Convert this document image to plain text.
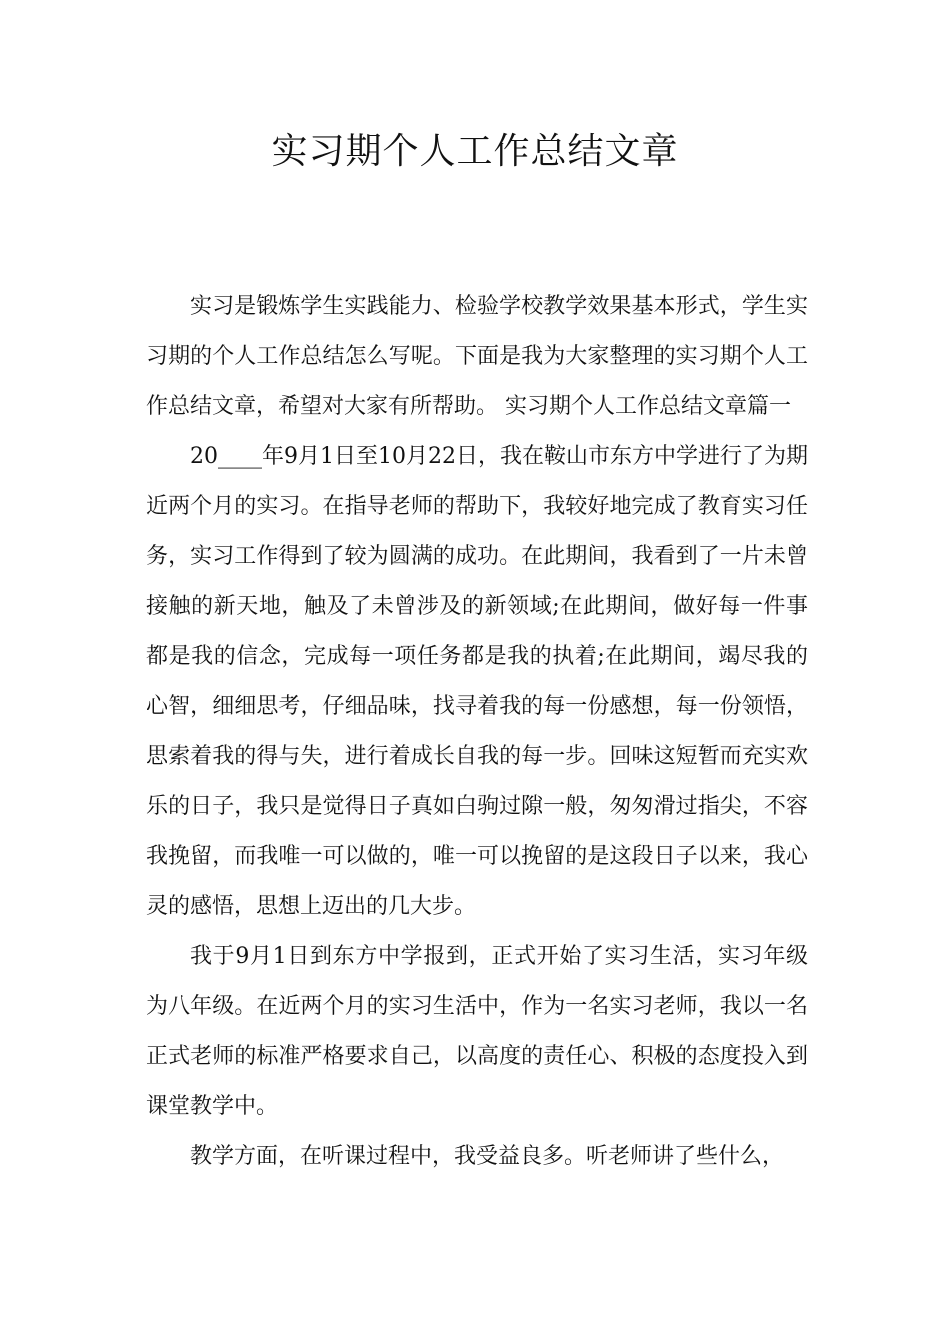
实习期个人工作总结文章

实习是锻炼学生实践能力、检验学校教学效果基本形式，学生实习期的个人工作总结怎么写呢。下面是我为大家整理的实习期个人工作总结文章，希望对大家有所帮助。 实习期个人工作总结文章篇一

20____年9月1日至10月22日，我在鞍山市东方中学进行了为期近两个月的实习。在指导老师的帮助下，我较好地完成了教育实习任务，实习工作得到了较为圆满的成功。在此期间，我看到了一片未曾接触的新天地，触及了未曾涉及的新领域;在此期间，做好每一件事都是我的信念，完成每一项任务都是我的执着;在此期间，竭尽我的心智，细细思考，仔细品味，找寻着我的每一份感想，每一份领悟，思索着我的得与失，进行着成长自我的每一步。回味这短暂而充实欢乐的日子，我只是觉得日子真如白驹过隙一般，匆匆滑过指尖，不容我挽留，而我唯一可以做的，唯一可以挽留的是这段日子以来，我心灵的感悟，思想上迈出的几大步。

我于9月1日到东方中学报到，正式开始了实习生活，实习年级为八年级。在近两个月的实习生活中，作为一名实习老师，我以一名正式老师的标准严格要求自己，以高度的责任心、积极的态度投入到课堂教学中。

教学方面，在听课过程中，我受益良多。听老师讲了些什么，
